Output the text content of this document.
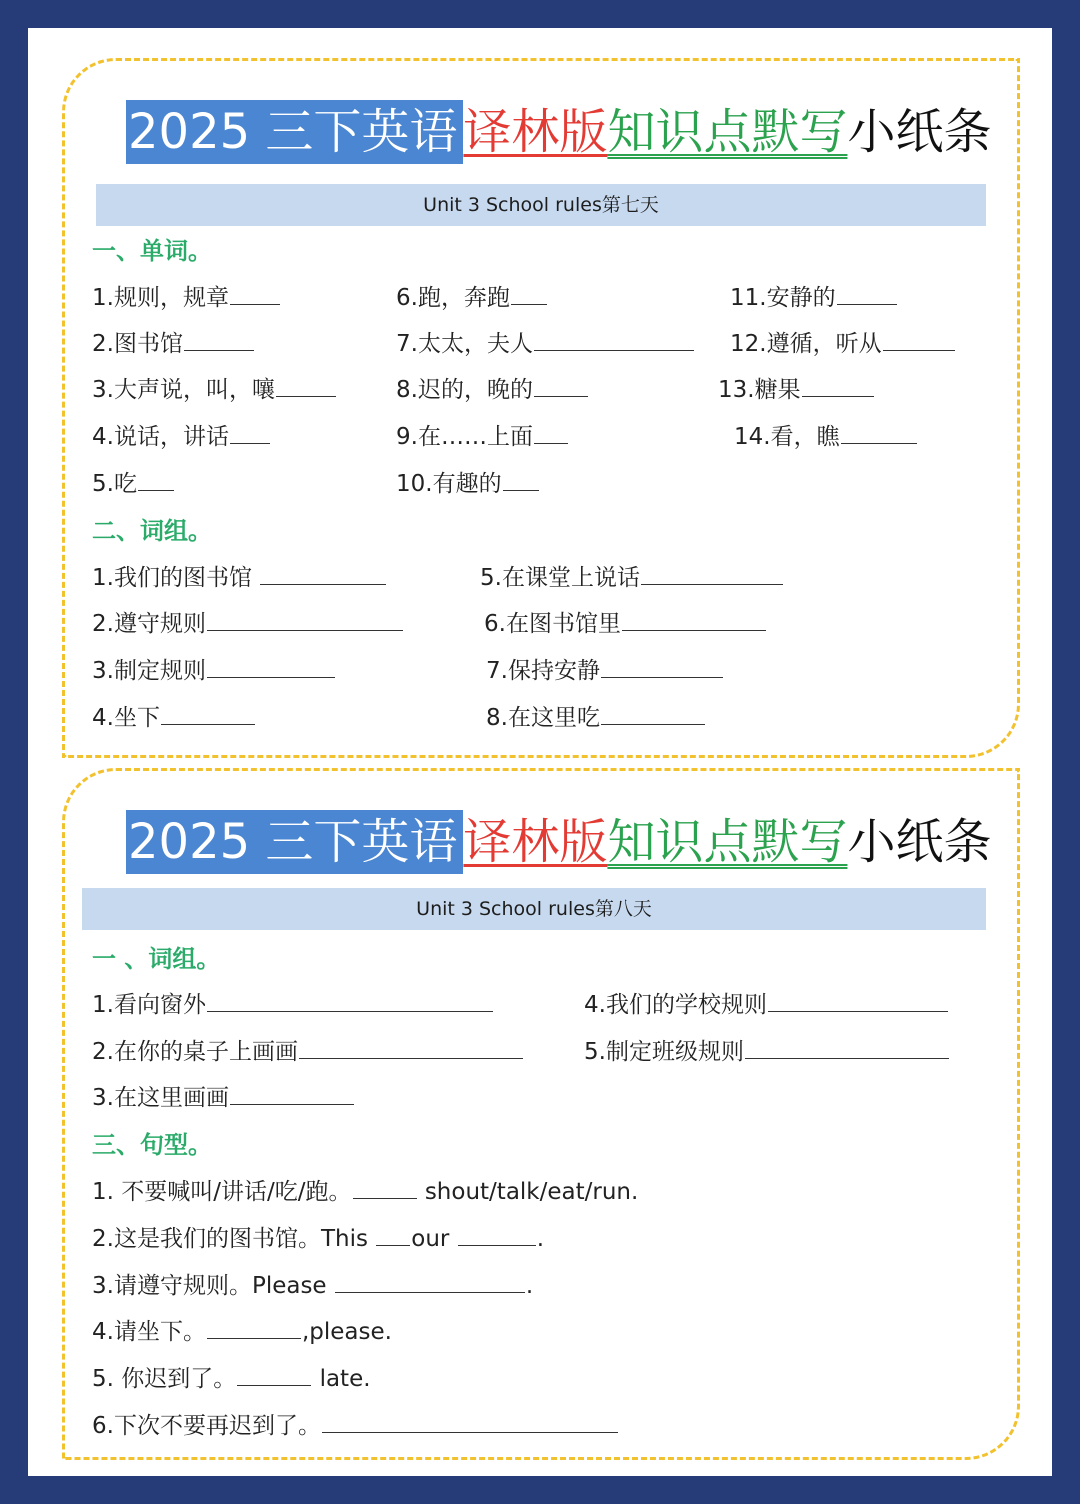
2025 三下英语 译林版 知识点默写 小纸条
Unit 3 School rules第七天
一、单词。
1.规则，规章
2.图书馆
3.大声说，叫，嚷
4.说话，讲话
5.吃
6.跑，奔跑
7.太太，夫人
8.迟的，晚的
9.在……上面
10.有趣的
11.安静的
12.遵循，听从
13.糖果
14.看，瞧
二、词组。
1.我们的图书馆
2.遵守规则
3.制定规则
4.坐下
5.在课堂上说话
6.在图书馆里
7.保持安静
8.在这里吃
2025 三下英语 译林版 知识点默写 小纸条
Unit 3 School rules第八天
一 、词组。
1.看向窗外
2.在你的桌子上画画
3.在这里画画
4.我们的学校规则
5.制定班级规则
三、句型。
1. 不要喊叫/讲话/吃/跑。	shout/talk/eat/run.
2.这是我们的图书馆。This our	.
3.请遵守规则。Please	.
4.请坐下。	,please.
5. 你迟到了。	late.
6.下次不要再迟到了。
